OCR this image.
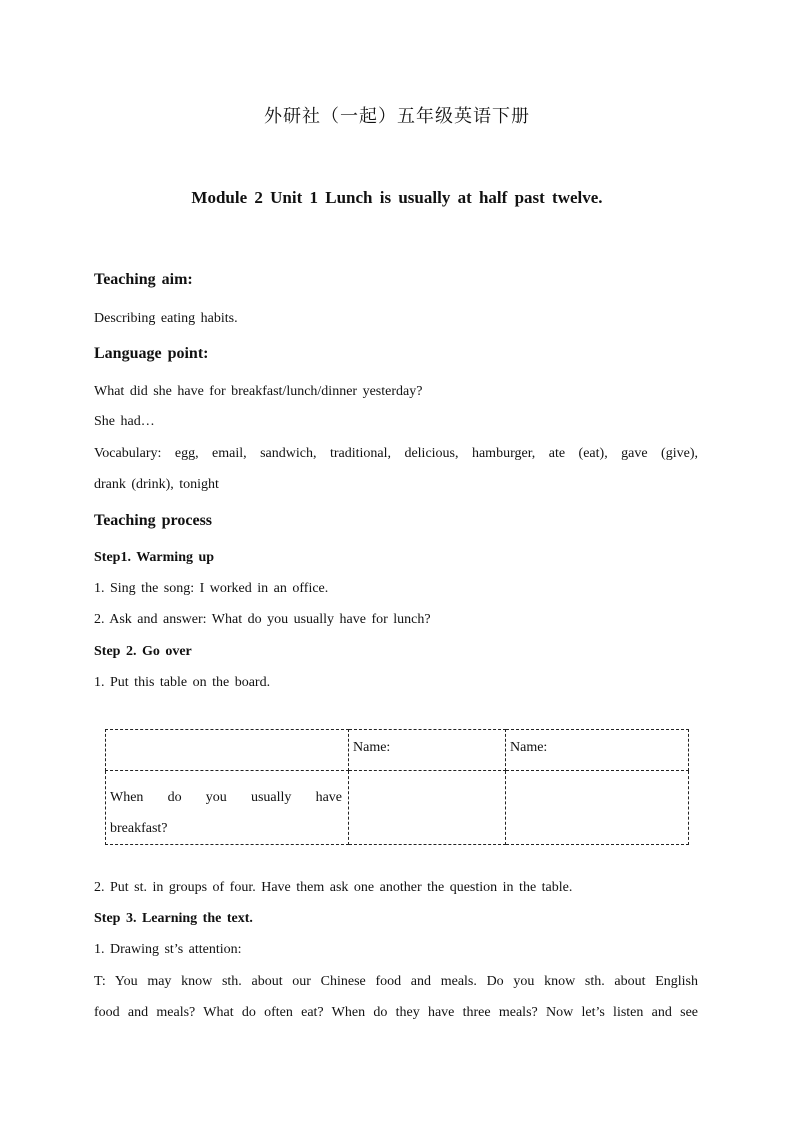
外研社（一起）五年级英语下册
Module 2 Unit 1 Lunch is usually at half past twelve.
Teaching aim:
Describing eating habits.
Language point:
What did she have for breakfast/lunch/dinner yesterday?
She had…
Vocabulary: egg, email, sandwich, traditional, delicious, hamburger, ate (eat), gave (give),
drank (drink), tonight
Teaching process
Step1. Warming up
1. Sing the song: I worked in an office.
2. Ask and answer: What do you usually have for lunch?
Step 2. Go over
1. Put this table on the board.

	Name:	Name:

When do you usually have
breakfast?		

2. Put st. in groups of four. Have them ask one another the question in the table.
Step 3. Learning the text.
1. Drawing st’s attention:
T: You may know sth. about our Chinese food and meals. Do you know sth. about English
food and meals? What do often eat? When do they have three meals? Now let’s listen and see
